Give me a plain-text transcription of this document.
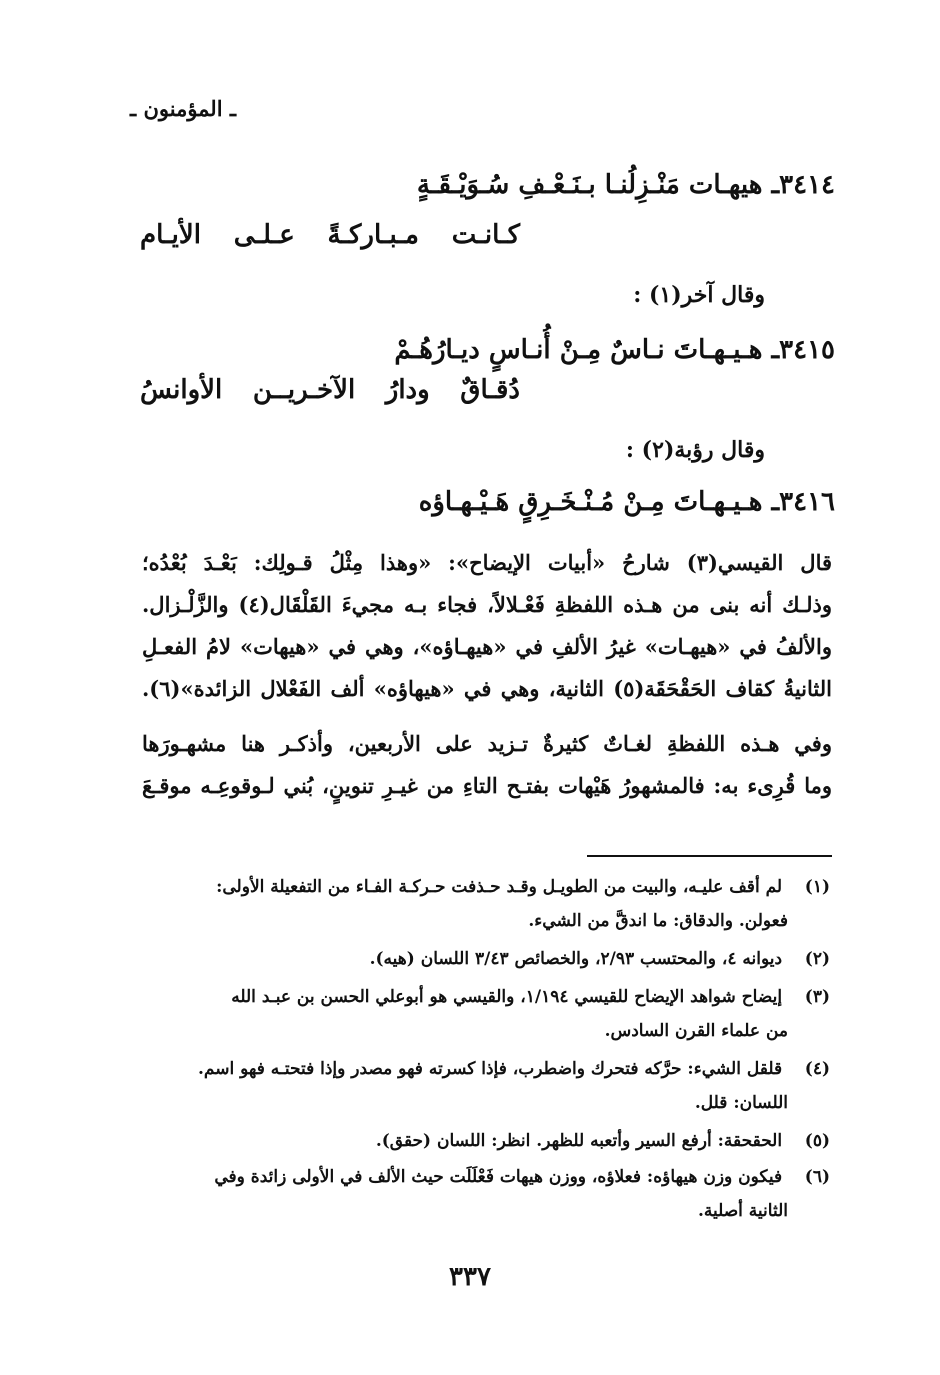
ـ المؤمنون ـ
٣٤١٤ـ هيهـات مَنْـزِلُنـا بـنَـعْـفِ سُـوَيْـقَـةٍ
كـانـت
مـبـاركـةً
عـلـى
الأيـام
وقال آخر(١) :
٣٤١٥ـ هـيـهـاتَ نـاسٌ مِـنْ أُنـاسٍ ديـارُهُـمْ
دُقـاقٌ
ودارُ
الآخـريــن
الأوانسُ
وقال رؤبة(٢) :
٣٤١٦ـ هـيـهـاتَ مِـنْ مُـنْـخَـرِقٍ هَـيْـهـاؤه
قال القيسي(٣) شارحُ «أبيات الإيضاح»: «وهذا مِثْلُ قـولِك: بَعْـدَ بُعْدُه؛
وذلـك أنه بنى من هـذه اللفظةِ فَعْـلالاً، فجاء بـه مجيءَ القَلْقَال(٤) والزَّلْـزال.
والألفُ في «هيهـات» غيرُ الألفِ في «هيهـاؤه»، وهي في «هيهات» لامُ الفعـلِ
الثانيةُ كقاف الحَقْحَقَة(٥) الثانية، وهي في «هيهاؤه» ألف الفَعْلال الزائدة»(٦).
وفي هـذه اللفظةِ لغـاتٌ كثيرةٌ تـزيد على الأربعين، وأذكـر هنا مشهـورَها
وما قُرِىء به: فالمشهورُ هَيْهات بفتـح التاءِ من غيـرِ تنوينٍ، بُني لـوقوعِـه موقـعَ
(١) لم أقف عليـه، والبيت من الطويـل وقـد حـذفت حـركـة الفـاء من التفعيلة الأولى:
فعولن. والدقاق: ما اندقَّ من الشيء.
(٢) ديوانه ٤، والمحتسب ٢/٩٣، والخصائص ٣/٤٣ اللسان (هيه).
(٣) إيضاح شواهد الإيضاح للقيسي ١/١٩٤، والقيسي هو أبوعلي الحسن بن عبـد الله
من علماء القرن السادس.
(٤) قلقل الشيء: حرَّكه فتحرك واضطرب، فإذا كسرته فهو مصدر وإذا فتحتـه فهو اسم.
اللسان: قلل.
(٥) الحقحقة: أرفع السير وأتعبه للظهر. انظر: اللسان (حقق).
(٦) فيكون وزن هيهاؤه: فعلاؤه، ووزن هيهات فَعْلَلَت حيث الألف في الأولى زائدة وفي
الثانية أصلية.
٣٣٧
